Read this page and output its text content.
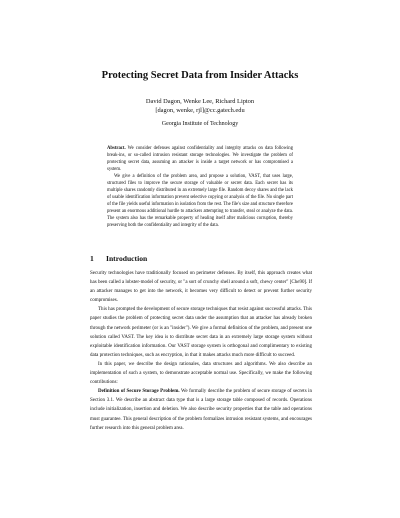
Protecting Secret Data from Insider Attacks
David Dagon, Wenke Lee, Richard Lipton
[dagon, wenke, rjl]@cc.gatech.edu
Georgia Institute of Technology

Abstract. We consider defenses against confidentiality and integrity attacks on data following break-ins, or so-called intrusion resistant storage technologies. We investigate the problem of protecting secret data, assuming an attacker is inside a target network or has compromised a system.

We give a definition of the problem area, and propose a solution, VAST, that uses large, structured files to improve the secure storage of valuable or secret data. Each secret has its multiple shares randomly distributed in an extremely large file. Random decoy shares and the lack of usable identification information prevent selective copying or analysis of the file. No single part of the file yields useful information in isolation from the rest. The file's size and structure therefore present an enormous additional hurdle to attackers attempting to transfer, steal or analyze the data. The system also has the remarkable property of healing itself after malicious corruption, thereby preserving both the confidentiality and integrity of the data.

1 Introduction

Security technologies have traditionally focused on perimeter defenses. By itself, this approach creates what has been called a lobster-model of security, or "a sort of crunchy shell around a soft, chewy center" [Che90]. If an attacker manages to get into the network, it becomes very difficult to detect or prevent further security compromises.

This has prompted the development of secure storage techniques that resist against successful attacks. This paper studies the problem of protecting secret data under the assumption that an attacker has already broken through the network perimeter (or is an "insider"). We give a formal definition of the problem, and present one solution called VAST. The key idea is to distribute secret data in an extremely large storage system without exploitable identification information. Our VAST storage system is orthogonal and complimentary to existing data protection techniques, such as encryption, in that it makes attacks much more difficult to succeed.

In this paper, we describe the design rationales, data structures and algorithms. We also describe an implementation of such a system, to demonstrate acceptable normal use. Specifically, we make the following contributions:

Definition of Secure Storage Problem. We formally describe the problem of secure storage of secrets in Section 3.1. We describe an abstract data type that is a large storage table composed of records. Operations include initialization, insertion and deletion. We also describe security properties that the table and operations must guarantee. This general description of the problem formalizes intrusion resistant systems, and encourages further research into this general problem area.
